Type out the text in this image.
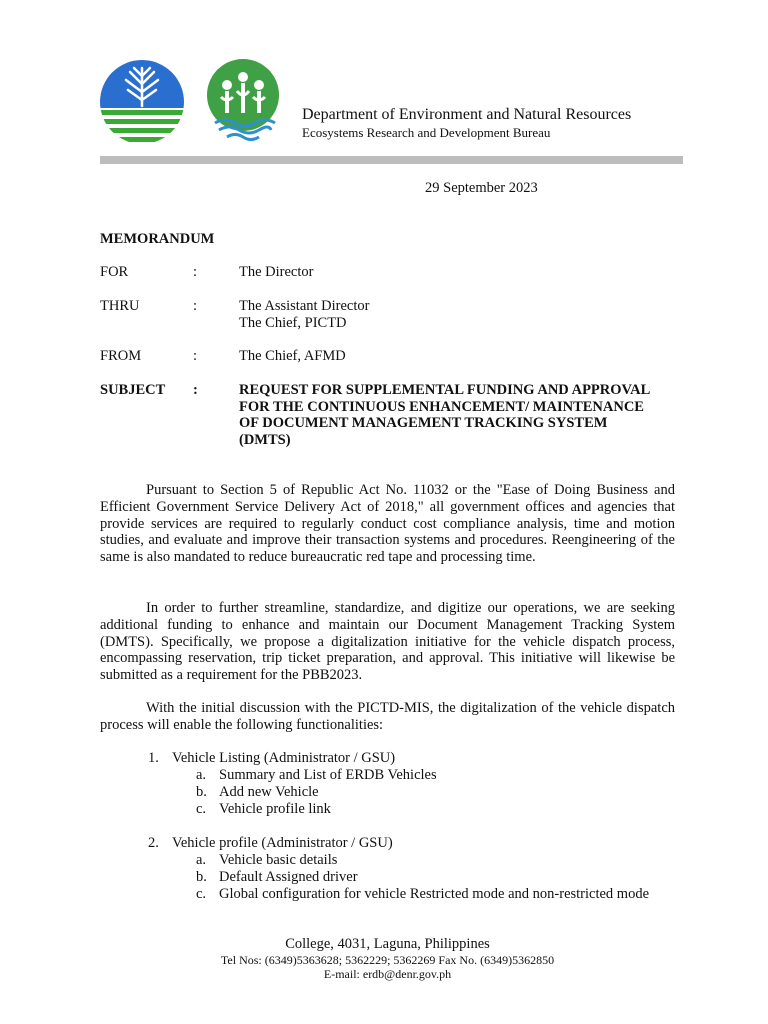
Department of Environment and Natural Resources
Ecosystems Research and Development Bureau
29 September 2023
MEMORANDUM
FOR	:	The Director
THRU	:	The Assistant Director
The Chief, PICTD
FROM	:	The Chief, AFMD
SUBJECT :	REQUEST FOR SUPPLEMENTAL FUNDING AND APPROVAL FOR THE CONTINUOUS ENHANCEMENT/ MAINTENANCE OF DOCUMENT MANAGEMENT TRACKING SYSTEM (DMTS)

Pursuant to Section 5 of Republic Act No. 11032 or the "Ease of Doing Business and Efficient Government Service Delivery Act of 2018," all government offices and agencies that provide services are required to regularly conduct cost compliance analysis, time and motion studies, and evaluate and improve their transaction systems and procedures. Reengineering of the same is also mandated to reduce bureaucratic red tape and processing time.

In order to further streamline, standardize, and digitize our operations, we are seeking additional funding to enhance and maintain our Document Management Tracking System (DMTS). Specifically, we propose a digitalization initiative for the vehicle dispatch process, encompassing reservation, trip ticket preparation, and approval. This initiative will likewise be submitted as a requirement for the PBB2023.

With the initial discussion with the PICTD-MIS, the digitalization of the vehicle dispatch process will enable the following functionalities:

1. Vehicle Listing (Administrator / GSU)
a. Summary and List of ERDB Vehicles
b. Add new Vehicle
c. Vehicle profile link
2. Vehicle profile (Administrator / GSU)
a. Vehicle basic details
b. Default Assigned driver
c. Global configuration for vehicle Restricted mode and non-restricted mode
College, 4031, Laguna, Philippines
Tel Nos: (6349)5363628; 5362229; 5362269 Fax No. (6349)5362850
E-mail: erdb@denr.gov.ph
